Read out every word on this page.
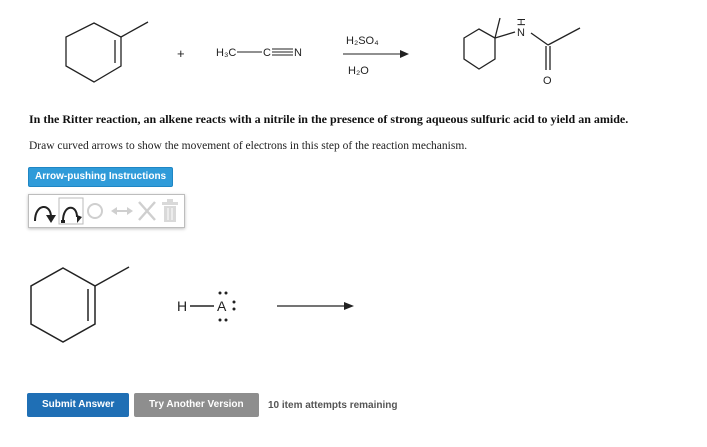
+	H₃C C N
H₂SO₄
H₂O
N
H
O
In the Ritter reaction, an alkene reacts with a nitrile in the presence of strong aqueous sulfuric acid to yield an amide.
Draw curved arrows to show the movement of electrons in this step of the reaction mechanism.
Arrow-pushing Instructions
H A
Submit Answer	Try Another Version	10 item attempts remaining
